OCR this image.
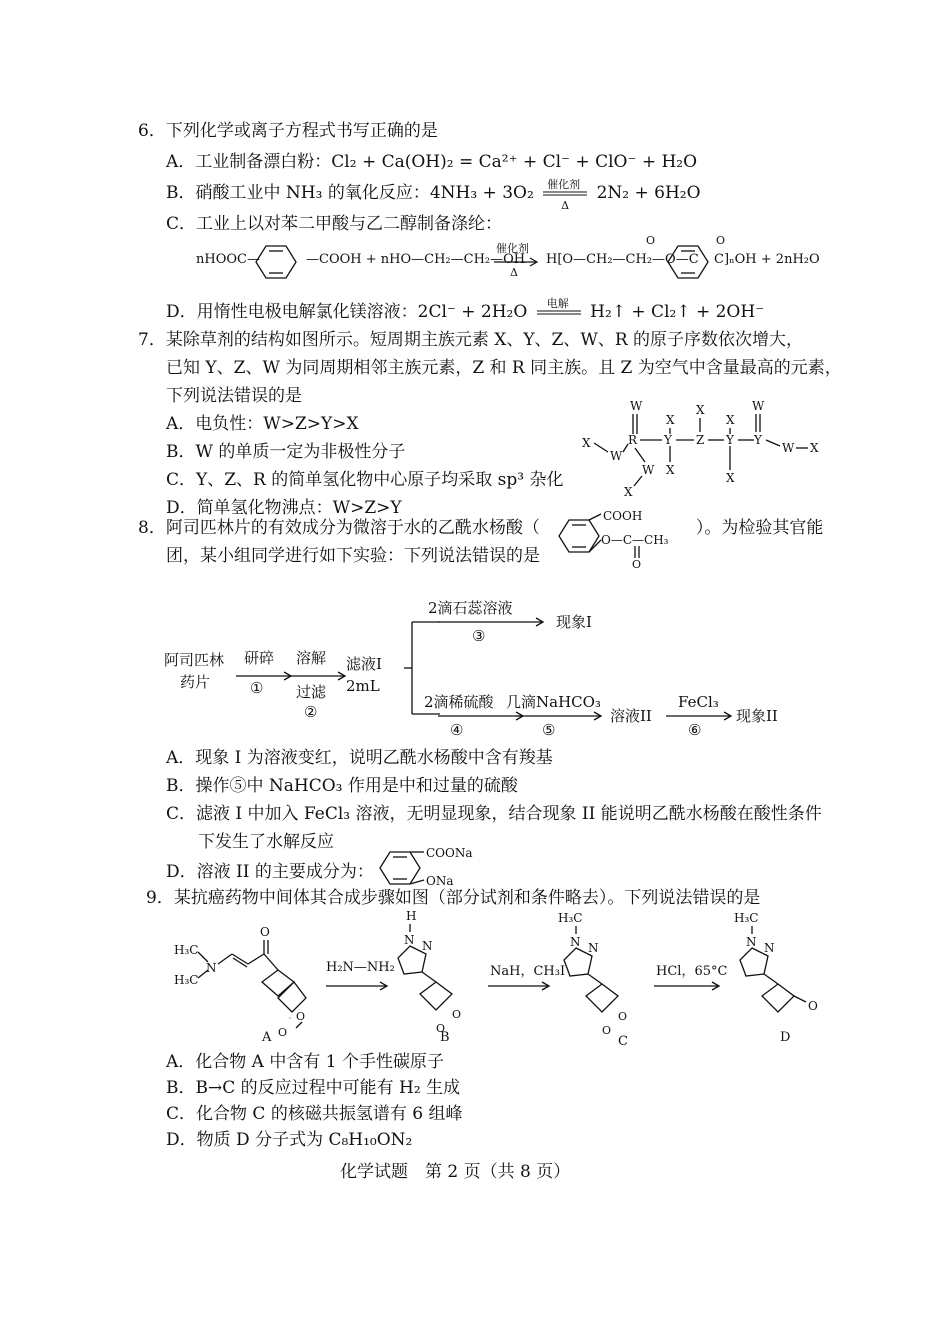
6．下列化学或离子方程式书写正确的是
A．工业制备漂白粉：Cl₂ + Ca(OH)₂ = Ca²⁺ + Cl⁻ + ClO⁻ + H₂O
B．硝酸工业中 NH₃ 的氧化反应：4NH₃ + 3O₂ 催化剂
Δ
2N₂ + 6H₂O
C．工业上以对苯二甲酸与乙二醇制备涤纶：
nHOOC—	—COOH + nHO—CH₂—CH₂—OH
催化剂
Δ
H[O—CH₂—CH₂—O—C
O	O
C]ₙOH + 2nH₂O
D．用惰性电极电解氯化镁溶液：2Cl⁻ + 2H₂O 电解 H₂↑ + Cl₂↑ + 2OH⁻
7．某除草剂的结构如图所示。短周期主族元素 X、Y、Z、W、R 的原子序数依次增大，
已知 Y、Z、W 为同周期相邻主族元素，Z 和 R 同主族。且 Z 为空气中含量最高的元素，
下列说法错误的是
A．电负性：W>Z>Y>X
B．W 的单质一定为非极性分子
C．Y、Z、R 的简单氢化物中心原子均采取 sp³ 杂化
D．简单氢化物沸点：W>Z>Y
W
X
W
R Y
X
X
Z
X
Y
X
X
Y
W
W X
W
X
8．阿司匹林片的有效成分为微溶于水的乙酰水杨酸（	）。为检验其官能
COOH
O—C—CH₃
O
团，某小组同学进行如下实验：下列说法错误的是
阿司匹林
药片
研碎
①
溶解
过滤
②
滤液I
2mL
2滴石蕊溶液
③
现象I
2滴稀硫酸
④
几滴NaHCO₃
⑤
溶液II
FeCl₃
⑥
现象II
A．现象 I 为溶液变红，说明乙酰水杨酸中含有羧基
B．操作⑤中 NaHCO₃ 作用是中和过量的硫酸
C．滤液 I 中加入 FeCl₃ 溶液，无明显现象，结合现象 II 能说明乙酰水杨酸在酸性条件
下发生了水解反应
D．溶液 II 的主要成分为：
COONa
ONa
9．某抗癌药物中间体其合成步骤如图（部分试剂和条件略去）。下列说法错误的是
H₃C
H₃C
N
O
O
O
A
H₂N—NH₂
H
N N
O
O
B
NaH，CH₃I
H₃C
N N
O
O
C
HCl，65°C
H₃C
N N
O
D
A．化合物 A 中含有 1 个手性碳原子
B．B→C 的反应过程中可能有 H₂ 生成
C．化合物 C 的核磁共振氢谱有 6 组峰
D．物质 D 分子式为 C₈H₁₀ON₂
化学试题　第 2 页（共 8 页）
